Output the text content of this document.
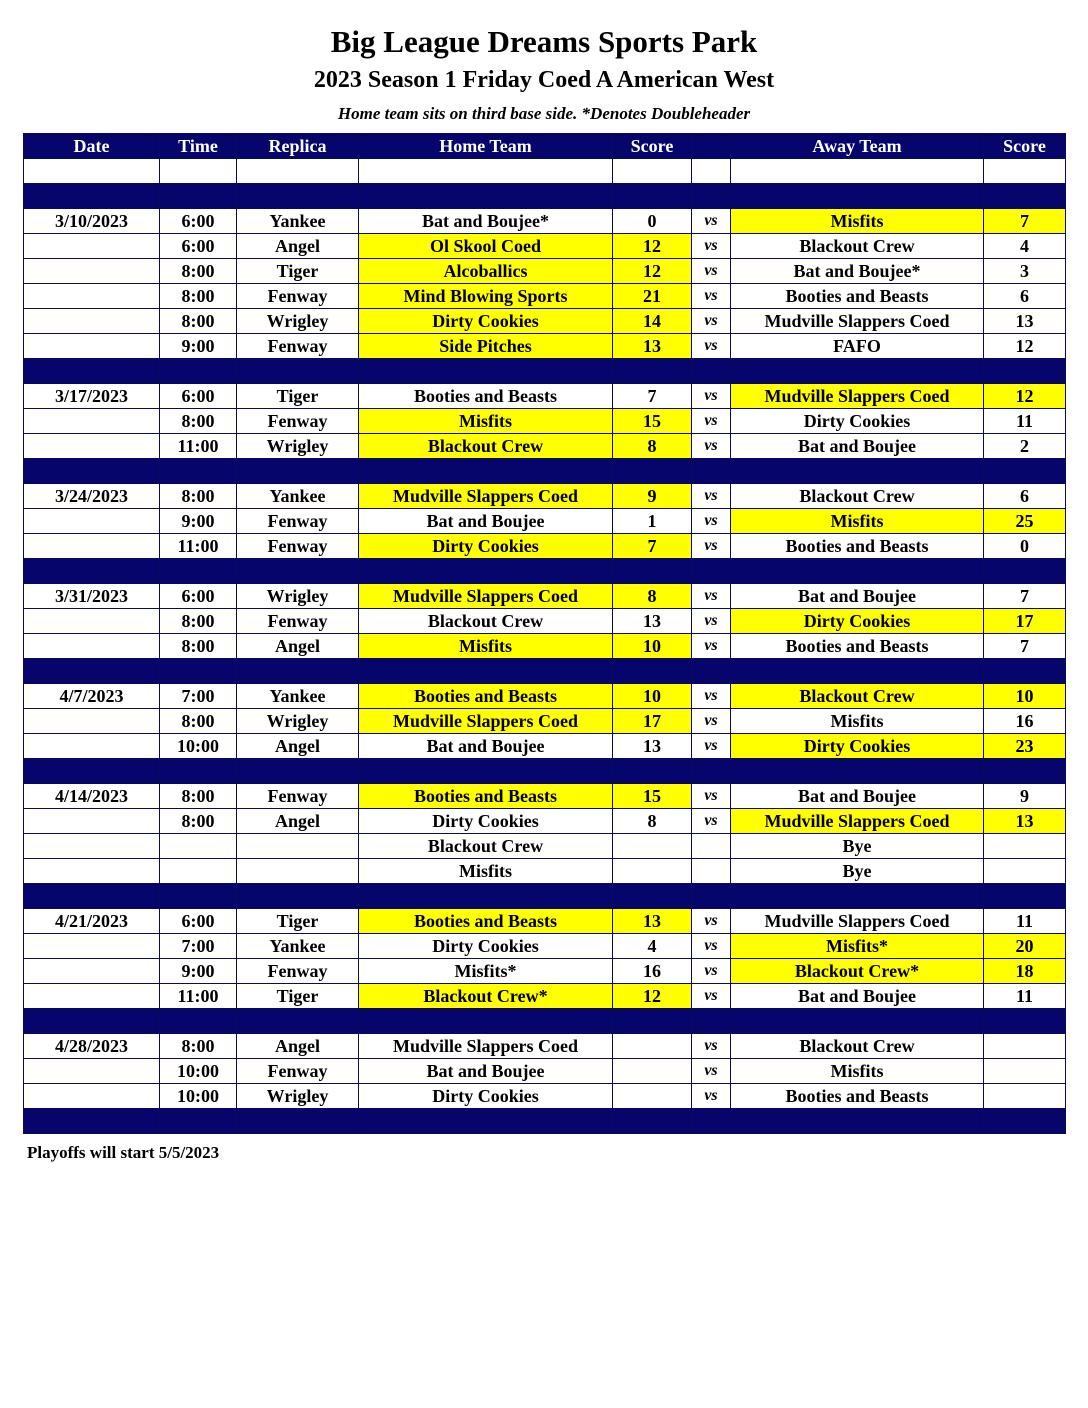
Big League Dreams Sports Park
2023 Season 1 Friday Coed A American West

Home team sits on third base side. *Denotes Doubleheader

Date	Time	Replica	Home Team	Score		Away Team	Score

3/10/2023	6:00	Yankee	Bat and Boujee*	0	vs	Misfits	7
	6:00	Angel	Ol Skool Coed	12	vs	Blackout Crew	4
	8:00	Tiger	Alcoballics	12	vs	Bat and Boujee*	3
	8:00	Fenway	Mind Blowing Sports	21	vs	Booties and Beasts	6
	8:00	Wrigley	Dirty Cookies	14	vs	Mudville Slappers Coed	13
	9:00	Fenway	Side Pitches	13	vs	FAFO	12

3/17/2023	6:00	Tiger	Booties and Beasts	7	vs	Mudville Slappers Coed	12
	8:00	Fenway	Misfits	15	vs	Dirty Cookies	11
	11:00	Wrigley	Blackout Crew	8	vs	Bat and Boujee	2

3/24/2023	8:00	Yankee	Mudville Slappers Coed	9	vs	Blackout Crew	6
	9:00	Fenway	Bat and Boujee	1	vs	Misfits	25
	11:00	Fenway	Dirty Cookies	7	vs	Booties and Beasts	0

3/31/2023	6:00	Wrigley	Mudville Slappers Coed	8	vs	Bat and Boujee	7
	8:00	Fenway	Blackout Crew	13	vs	Dirty Cookies	17
	8:00	Angel	Misfits	10	vs	Booties and Beasts	7

4/7/2023	7:00	Yankee	Booties and Beasts	10	vs	Blackout Crew	10
	8:00	Wrigley	Mudville Slappers Coed	17	vs	Misfits	16
	10:00	Angel	Bat and Boujee	13	vs	Dirty Cookies	23

4/14/2023	8:00	Fenway	Booties and Beasts	15	vs	Bat and Boujee	9
	8:00	Angel	Dirty Cookies	8	vs	Mudville Slappers Coed	13
			Blackout Crew			Bye	
			Misfits			Bye	

4/21/2023	6:00	Tiger	Booties and Beasts	13	vs	Mudville Slappers Coed	11
	7:00	Yankee	Dirty Cookies	4	vs	Misfits*	20
	9:00	Fenway	Misfits*	16	vs	Blackout Crew*	18
	11:00	Tiger	Blackout Crew*	12	vs	Bat and Boujee	11

4/28/2023	8:00	Angel	Mudville Slappers Coed		vs	Blackout Crew	
	10:00	Fenway	Bat and Boujee		vs	Misfits	
	10:00	Wrigley	Dirty Cookies		vs	Booties and Beasts	

Playoffs will start 5/5/2023
